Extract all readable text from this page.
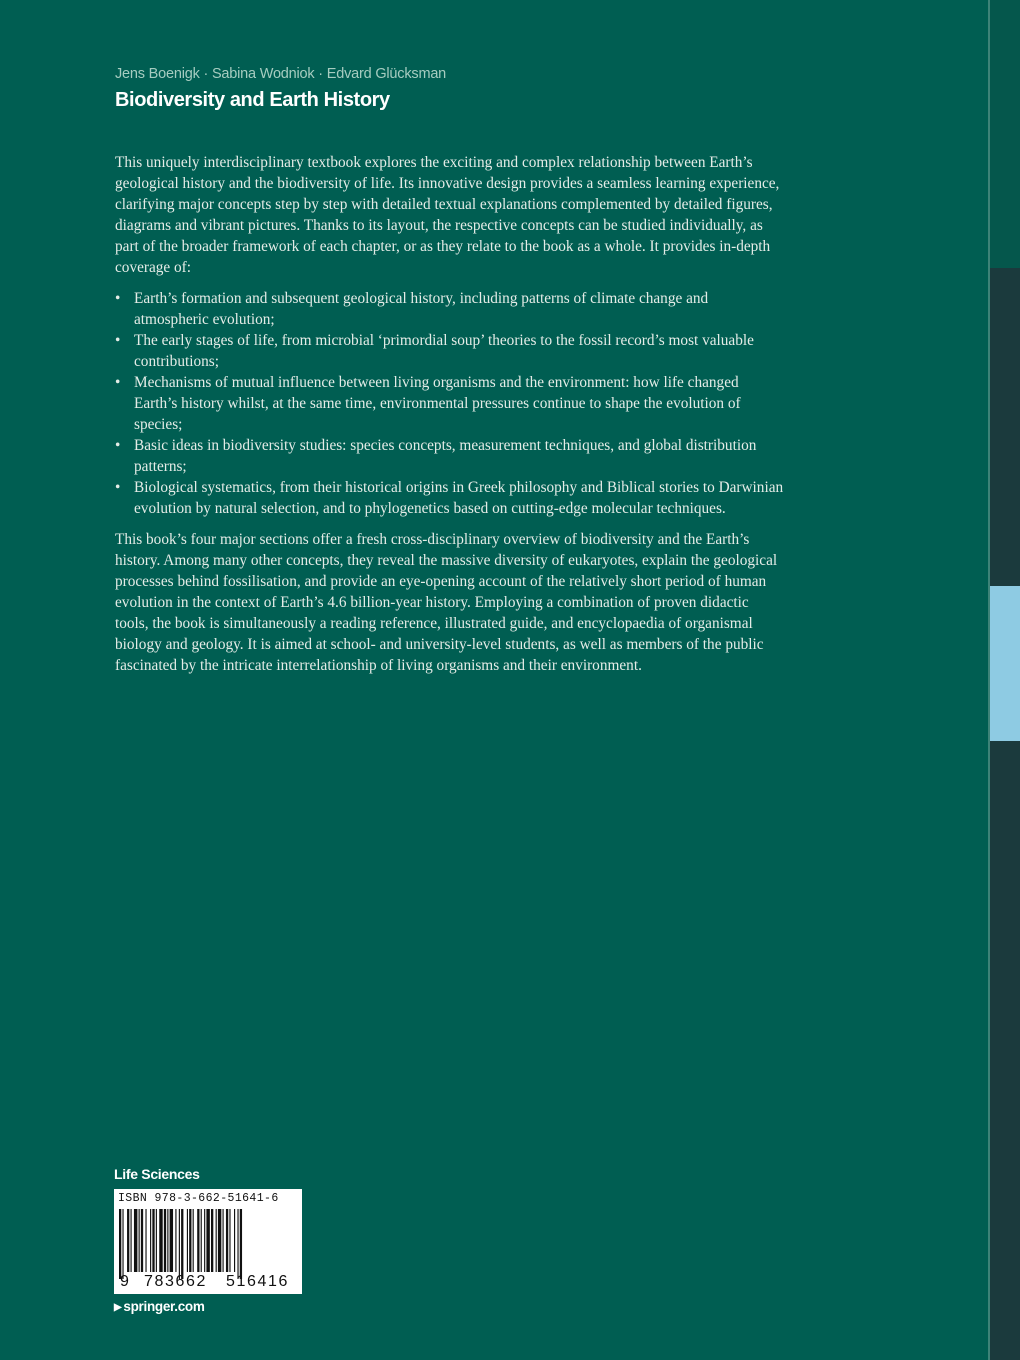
Jens Boenigk · Sabina Wodniok · Edvard Glücksman
Biodiversity and Earth History

This uniquely interdisciplinary textbook explores the exciting and complex relationship between Earth’s geological history and the biodiversity of life. Its innovative design provides a seamless learning experience, clarifying major concepts step by step with detailed textual explanations complemented by detailed figures, diagrams and vibrant pictures. Thanks to its layout, the respective concepts can be studied individually, as part of the broader framework of each chapter, or as they relate to the book as a whole. It provides in-depth coverage of:

• Earth’s formation and subsequent geological history, including patterns of climate change and atmospheric evolution;
• The early stages of life, from microbial ‘primordial soup’ theories to the fossil record’s most valuable contributions;
• Mechanisms of mutual influence between living organisms and the environment: how life changed Earth’s history whilst, at the same time, environmental pressures continue to shape the evolution of species;
• Basic ideas in biodiversity studies: species concepts, measurement techniques, and global distribution patterns;
• Biological systematics, from their historical origins in Greek philosophy and Biblical stories to Darwinian evolution by natural selection, and to phylogenetics based on cutting-edge molecular techniques.

This book’s four major sections offer a fresh cross-disciplinary overview of biodiversity and the Earth’s history. Among many other concepts, they reveal the massive diversity of eukaryotes, explain the geological processes behind fossilisation, and provide an eye-opening account of the relatively short period of human evolution in the context of Earth’s 4.6 billion-year history. Employing a combination of proven didactic tools, the book is simultaneously a reading reference, illustrated guide, and encyclopaedia of organismal biology and geology. It is aimed at school- and university-level students, as well as members of the public fascinated by the intricate interrelationship of living organisms and their environment.

Life Sciences
ISBN 978-3-662-51641-6
9 783662 516416
▶ springer.com
